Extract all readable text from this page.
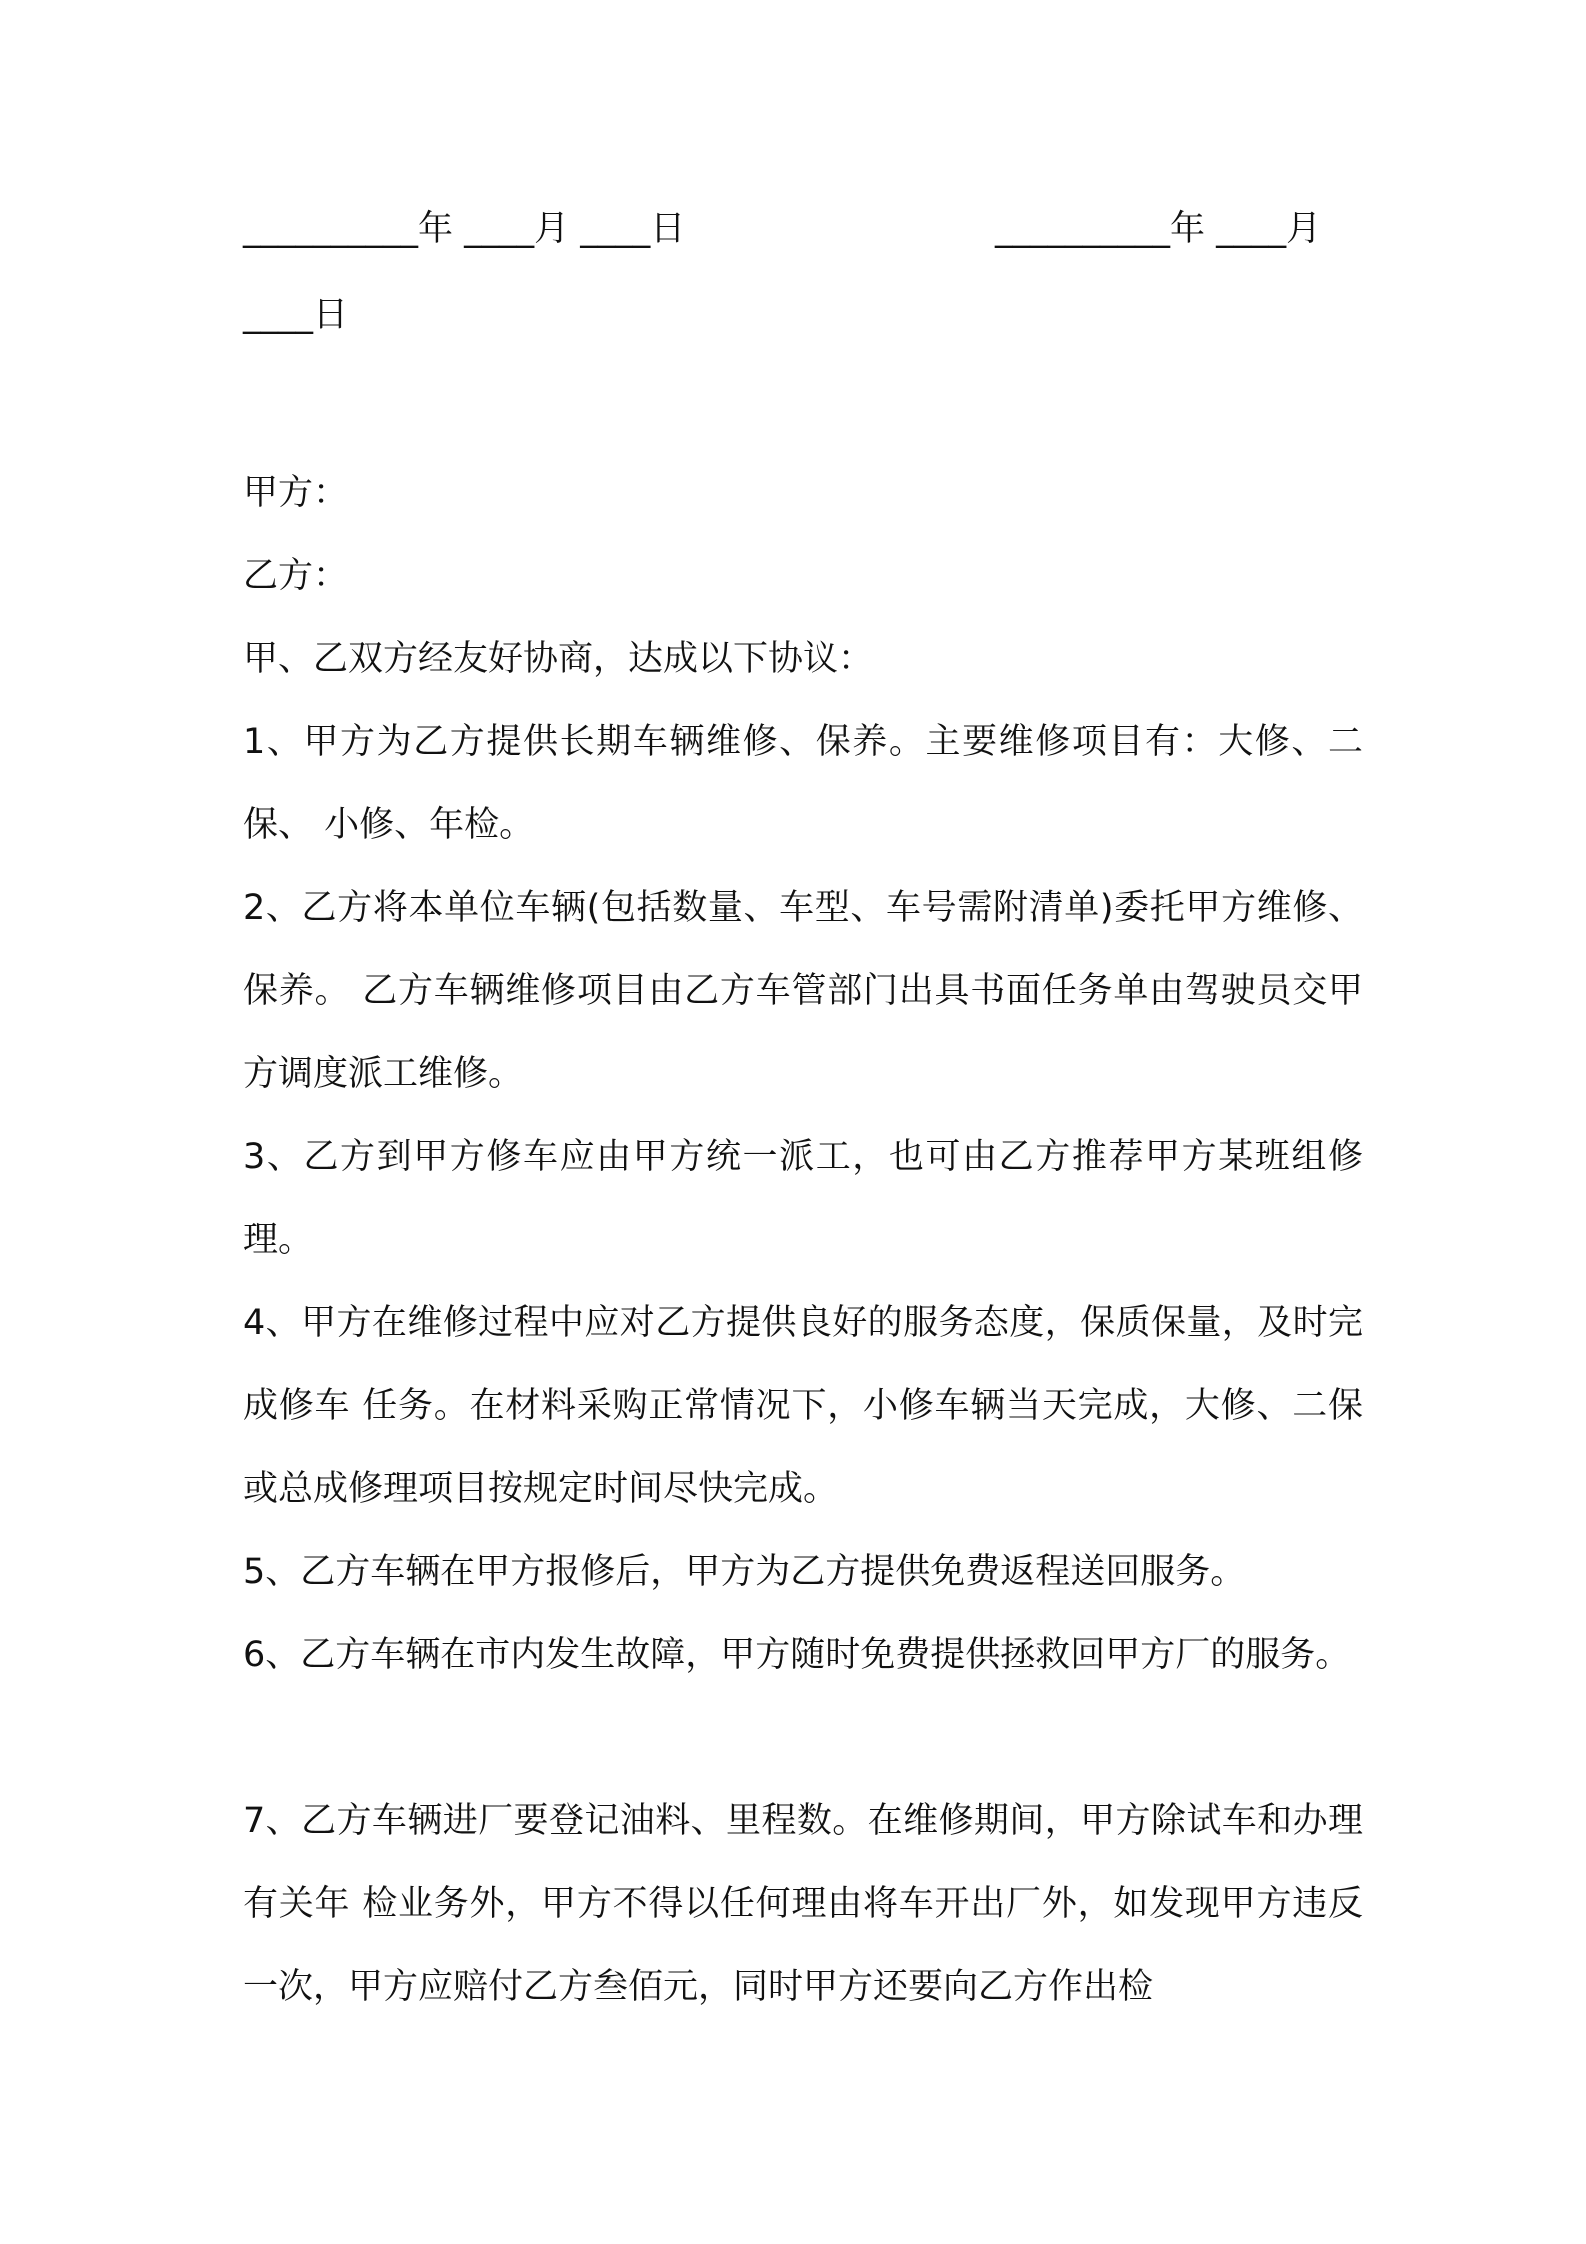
__________年 ____月 ____日	__________年 ____月
____日
甲方：
乙方：
甲、乙双方经友好协商，达成以下协议：
1、甲方为乙方提供长期车辆维修、保养。主要维修项目有：大修、二保、 小修、年检。
2、乙方将本单位车辆(包括数量、车型、车号需附清单)委托甲方维修、保养。 乙方车辆维修项目由乙方车管部门出具书面任务单由驾驶员交甲方调度派工维修。
3、乙方到甲方修车应由甲方统一派工，也可由乙方推荐甲方某班组修理。
4、甲方在维修过程中应对乙方提供良好的服务态度，保质保量，及时完成修车 任务。在材料采购正常情况下，小修车辆当天完成，大修、二保或总成修理项目按规定时间尽快完成。
5、乙方车辆在甲方报修后，甲方为乙方提供免费返程送回服务。
6、乙方车辆在市内发生故障，甲方随时免费提供拯救回甲方厂的服务。
7、乙方车辆进厂要登记油料、里程数。在维修期间，甲方除试车和办理有关年 检业务外，甲方不得以任何理由将车开出厂外，如发现甲方违反一次，甲方应赔付乙方叁佰元，同时甲方还要向乙方作出检
